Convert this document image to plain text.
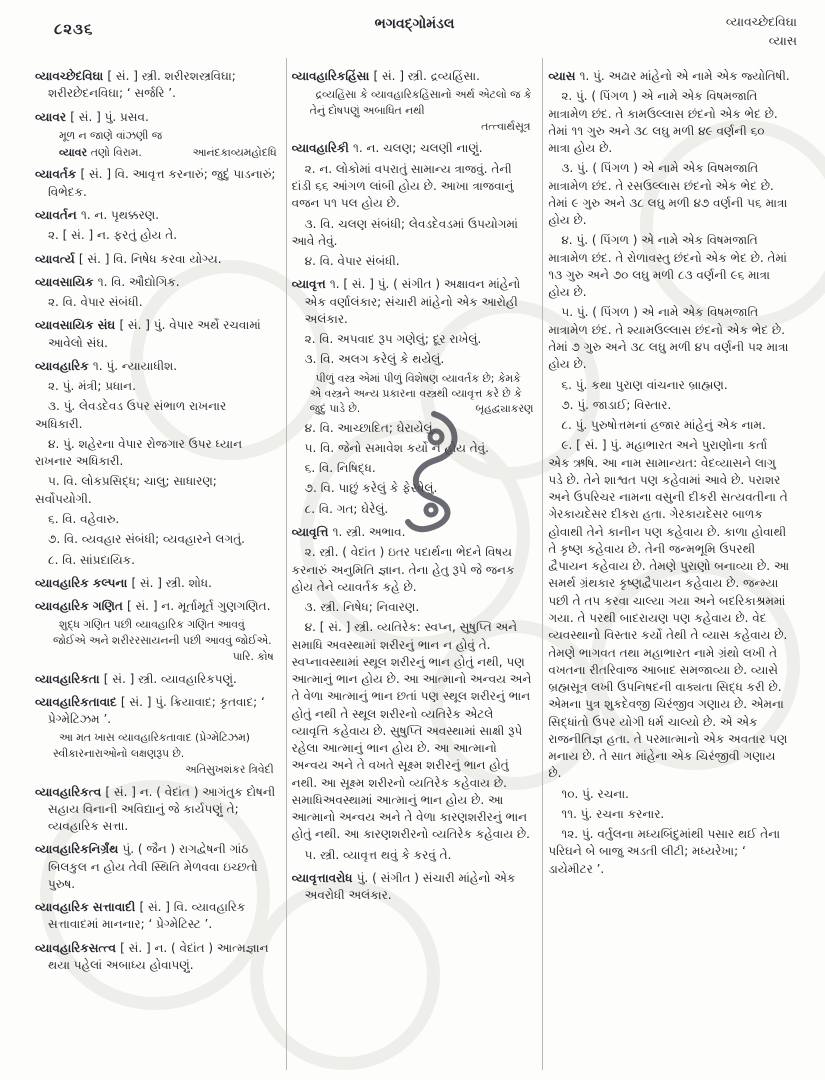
૮૨૩૬	ભગવદ્ગોમંડલ	વ્યાવચ્છેદવિઘા
વ્યાસ
વ્યાવચ્છેદવિઘા [ સં. ] સ્ત્રી. શરીરશસ્ત્રવિઘા; શરીરછેદનવિઘા; ‘ સર્જરિ ’.
વ્યાવર [ સં. ] પું. પ્રસવ.
મૂળ ન જાણે વાંઝણી જ
વ્યાવર તણો વિરામ.	આનંદકાવ્યમહોદધિ
વ્યાવર્તક [ સં. ] વિ. આવૃત્ત કરનારું; જુદું પાડનારું; વિભેદક.
વ્યાવર્તન ૧. ન. પૃથક્કરણ.
૨. [ સં. ] ન. ફરતું હોય તે.
વ્યાવર્ત્ય [ સં. ] વિ. નિષેધ કરવા યોગ્ય.
વ્યાવસાયિક ૧. વિ. ઔદ્યોગિક.
૨. વિ. વેપાર સંબંધી.
વ્યાવસાયિક સંઘ [ સં. ] પું. વેપાર અર્થે રચવામાં આવેલો સંઘ.
વ્યાવહારિક ૧. પું. ન્યાયાધીશ.
૨. પું. મંત્રી; પ્રધાન.
૩. પું. લેવડદેવડ ઉપર સંભાળ રાખનાર અધિકારી.
૪. પું. શહેરના વેપાર રોજગાર ઉપર ધ્યાન રાખનાર અધિકારી.
૫. વિ. લોકપ્રસિદ્ધ; ચાલુ; સાધારણ; સર્વોપયોગી.
૬. વિ. વહેવારુ.
૭. વિ. વ્યવહાર સંબંધી; વ્યવહારને લગતું.
૮. વિ. સાંપ્રદાયિક.
વ્યાવહારિક કલ્પના [ સં. ] સ્ત્રી. શોધ.
વ્યાવહારિક ગણિત [ સં. ] ન. મૂર્તામૂર્ત ગુણગણિત.
શુદ્ધ ગણિત પછી વ્યાવહારિક ગણિત આવવું જોઈએ અને શરીરરસાયનની પછી આવવું જોઈએ.
પારિ. કોષ
વ્યાવહારિકતા [ સં. ] સ્ત્રી. વ્યાવહારિકપણું.
વ્યાવહારિકતાવાદ [ સં. ] પું. ક્રિયાવાદ; કૃતવાદ; ‘ પ્રેગ્મેટિઝમ ’.
આ મત ખાસ વ્યાવહારિકતાવાદ (પ્રેગ્મેટિઝમ) સ્વીકારનારાઓનો લક્ષણરૂપ છે.
અતિસુખશંકર ત્રિવેદી
વ્યાવહારિકત્વ [ સં. ] ન. ( વેદાંત ) આગંતુક દોષની સહાય વિનાની અવિદ્યાનું જે કાર્યપણું તે; વ્યવહારિક સત્તા.
વ્યાવહારિકનિર્ગ્રંથ પું. ( જૈન ) રાગદ્વેષની ગાંઠ બિલકુલ ન હોય તેવી સ્થિતિ મેળવવા ઇચ્છતો પુરુષ.
વ્યાવહારિક સત્તાવાદી [ સં. ] વિ. વ્યાવહારિક સત્તાવાદમાં માનનાર; ‘ પ્રેગ્મેટિસ્ટ ’.
વ્યાવહારિકસત્ત્વ [ સં. ] ન. ( વેદાંત ) આત્મજ્ઞાન થયા પહેલાં અબાધ્ય હોવાપણું.
વ્યાવહારિકહિંસા [ સં. ] સ્ત્રી. દ્રવ્યહિંસા.
દ્રવ્યહિંસા કે વ્યાવહારિકહિંસાનો અર્થ એટલો જ કે તેનું દોષપણું અબાધિત નથી
તત્ત્વાર્થસૂત્ર
વ્યાવહારિકી ૧. ન. ચલણ; ચલણી નાણું.
૨. ન. લોકોમાં વપરાતું સામાન્ય ત્રાજવું. તેની દાંડી ૬૬ આંગળ લાંબી હોય છે. આખા ત્રાજવાનું વજન ૫૧ પલ હોય છે.
૩. વિ. ચલણ સંબંધી; લેવડદેવડમાં ઉપયોગમાં આવે તેવું.
૪. વિ. વેપાર સંબંધી.
વ્યાવૃત્ત ૧. [ સં. ] પું. ( સંગીત ) અક્ષાવન માંહેનો એક વર્ણાલંકાર; સંચારી માંહેનો એક આરોહી અલંકાર.
૨. વિ. અપવાદ રૂપ ગણેલું; દૂર રાખેલું.
૩. વિ. અલગ કરેલું કે થયેલું.
પીળું વસ્ત્ર એમાં પીળું વિશેષણ વ્યાવર્તક છે; કેમકે એ વસ્ત્રને અન્ય પ્રકારના વસ્ત્રથી વ્યાવૃત્ત કરે છે કે જુદું પાડે છે.	બૃહદ્વ્યાકરણ
૪. વિ. આચ્છાદિત; ઘેરાયેલું.
૫. વિ. જેનો સમાવેશ કર્યો ન હોય તેવું.
૬. વિ. નિષિદ્ધ.
૭. વિ. પાછું કરેલું કે ફેરવેલું.
૮. વિ. ગત; ઘેરેલું.
વ્યાવૃત્તિ ૧. સ્ત્રી. અભાવ.
૨. સ્ત્રી. ( વેદાંત ) ઇતર પદાર્થના ભેદને વિષય કરનારું અનુમિતિ જ્ઞાન. તેના હેતુ રૂપે જે જનક હોય તેને વ્યાવર્તક કહે છે.
૩. સ્ત્રી. નિષેધ; નિવારણ.
૪. [ સં. ] સ્ત્રી. વ્યતિરેક: સ્વપ્ન, સુષુપ્તિ અને સમાધિ અવસ્થામાં શરીરનું ભાન ન હોવું તે. સ્વપ્નાવસ્થામાં સ્થૂલ શરીરનું ભાન હોતું નથી, પણ આત્માનું ભાન હોય છે. આ આત્માનો અન્વય અને તે વેળા આત્માનું ભાન છતાં પણ સ્થૂલ શરીરનું ભાન હોતું નથી તે સ્થૂલ શરીરનો વ્યતિરેક એટલે વ્યાવૃત્તિ કહેવાય છે. સુષુપ્તિ અવસ્થામાં સાક્ષી રૂપે રહેલા આત્માનું ભાન હોય છે. આ આત્માનો અન્વય અને તે વખતે સૂક્ષ્મ શરીરનું ભાન હોતું નથી. આ સૂક્ષ્મ શરીરનો વ્યતિરેક કહેવાય છે. સમાધિઅવસ્થામાં આત્માનું ભાન હોય છે. આ આત્માનો અન્વય અને તે વેળા કારણશરીરનું ભાન હોતું નથી. આ કારણશરીરનો વ્યતિરેક કહેવાય છે.
૫. સ્ત્રી. વ્યાવૃત્ત થવું કે કરવું તે.
વ્યાવૃત્તાવરોધ પું. ( સંગીત ) સંચારી માંહેનો એક અવરોધી અલંકાર.
વ્યાસ ૧. પું. અઢાર માંહેનો એ નામે એક જ્યોતિષી.
૨. પું. ( પિંગળ ) એ નામે એક વિષમજાતિ માત્રામેળ છંદ. તે કામઉલ્લાસ છંદનો એક ભેદ છે. તેમાં ૧૧ ગુરુ અને ૩૮ લઘુ મળી ૪૯ વર્ણની ૬૦ માત્રા હોય છે.
૩. પું. ( પિંગળ ) એ નામે એક વિષમજાતિ માત્રામેળ છંદ. તે રસઉલ્લાસ છંદનો એક ભેદ છે. તેમાં ૯ ગુરુ અને ૩૮ લઘુ મળી ૪૭ વર્ણની ૫૬ માત્રા હોય છે.
૪. પું. ( પિંગળ ) એ નામે એક વિષમજાતિ માત્રામેળ છંદ. તે રોળાવસ્તુ છંદનો એક ભેદ છે. તેમાં ૧૩ ગુરુ અને ૭૦ લઘુ મળી ૮૩ વર્ણની ૯૬ માત્રા હોય છે.
૫. પું. ( પિંગળ ) એ નામે એક વિષમજાતિ માત્રામેળ છંદ. તે શ્યામઉલ્લાસ છંદનો એક ભેદ છે. તેમાં ૭ ગુરુ અને ૩૮ લઘુ મળી ૪૫ વર્ણની ૫૨ માત્રા હોય છે.
૬. પું. કથા પુરાણ વાંચનાર બ્રાહ્મણ.
૭. પું. જાડાઈ; વિસ્તાર.
૮. પું. પુરુષોત્તમનાં હજાર માંહેનું એક નામ.
૯. [ સં. ] પું. મહાભારત અને પુરાણોના કર્તા એક ઋષિ. આ નામ સામાન્યત: વેદવ્યાસને લાગુ પડે છે. તેને શાશ્વત પણ કહેવામાં આવે છે. પરાશર અને ઉપરિચર નામના વસુની દીકરી સત્યવતીના તે ગેરકાયદેસર દીકરા હતા. ગેરકાયદેસર બાળક હોવાથી તેને કાનીન પણ કહેવાય છે. કાળા હોવાથી તે કૃષ્ણ કહેવાય છે. તેની જન્મભૂમિ ઉપરથી દ્વૈપાયન કહેવાય છે. તેમણે પુરાણો બનાવ્યા છે. આ સમર્થ ગ્રંથકાર કૃષ્ણદ્વૈપાયન કહેવાય છે. જન્મ્યા પછી તે તપ કરવા ચાલ્યા ગયા અને બદરિકાશ્રમમાં ગયા. તે પરથી બાદરાયણ પણ કહેવાય છે. વેદ વ્યવસ્થાનો વિસ્તાર કર્યો તેથી તે વ્યાસ કહેવાય છે. તેમણે ભાગવત તથા મહાભારત નામે ગ્રંથો લખી તે વખતના રીતરિવાજ આબાદ સમજાવ્યા છે. વ્યાસે બ્રહ્મસૂત્ર લખી ઉપનિષદની વાક્યતા સિદ્ધ કરી છે. એમના પુત્ર શુકદેવજી ચિરંજીવ ગણાય છે. એમના સિદ્ધાંતો ઉપર યોગી ધર્મ ચાલ્યો છે. એ એક રાજનીતિજ્ઞ હતા. તે પરમાત્માનો એક અવતાર પણ મનાય છે. તે સાત માંહેના એક ચિરંજીવી ગણાય છે.
૧૦. પું. રચના.
૧૧. પું. રચના કરનાર.
૧૨. પું. વર્તુલના મધ્યબિંદુમાંથી પસાર થઈ તેના પરિઘને બે બાજુ અડતી લીટી; મધ્યરેખા; ‘ ડાયેમીટર ’.
